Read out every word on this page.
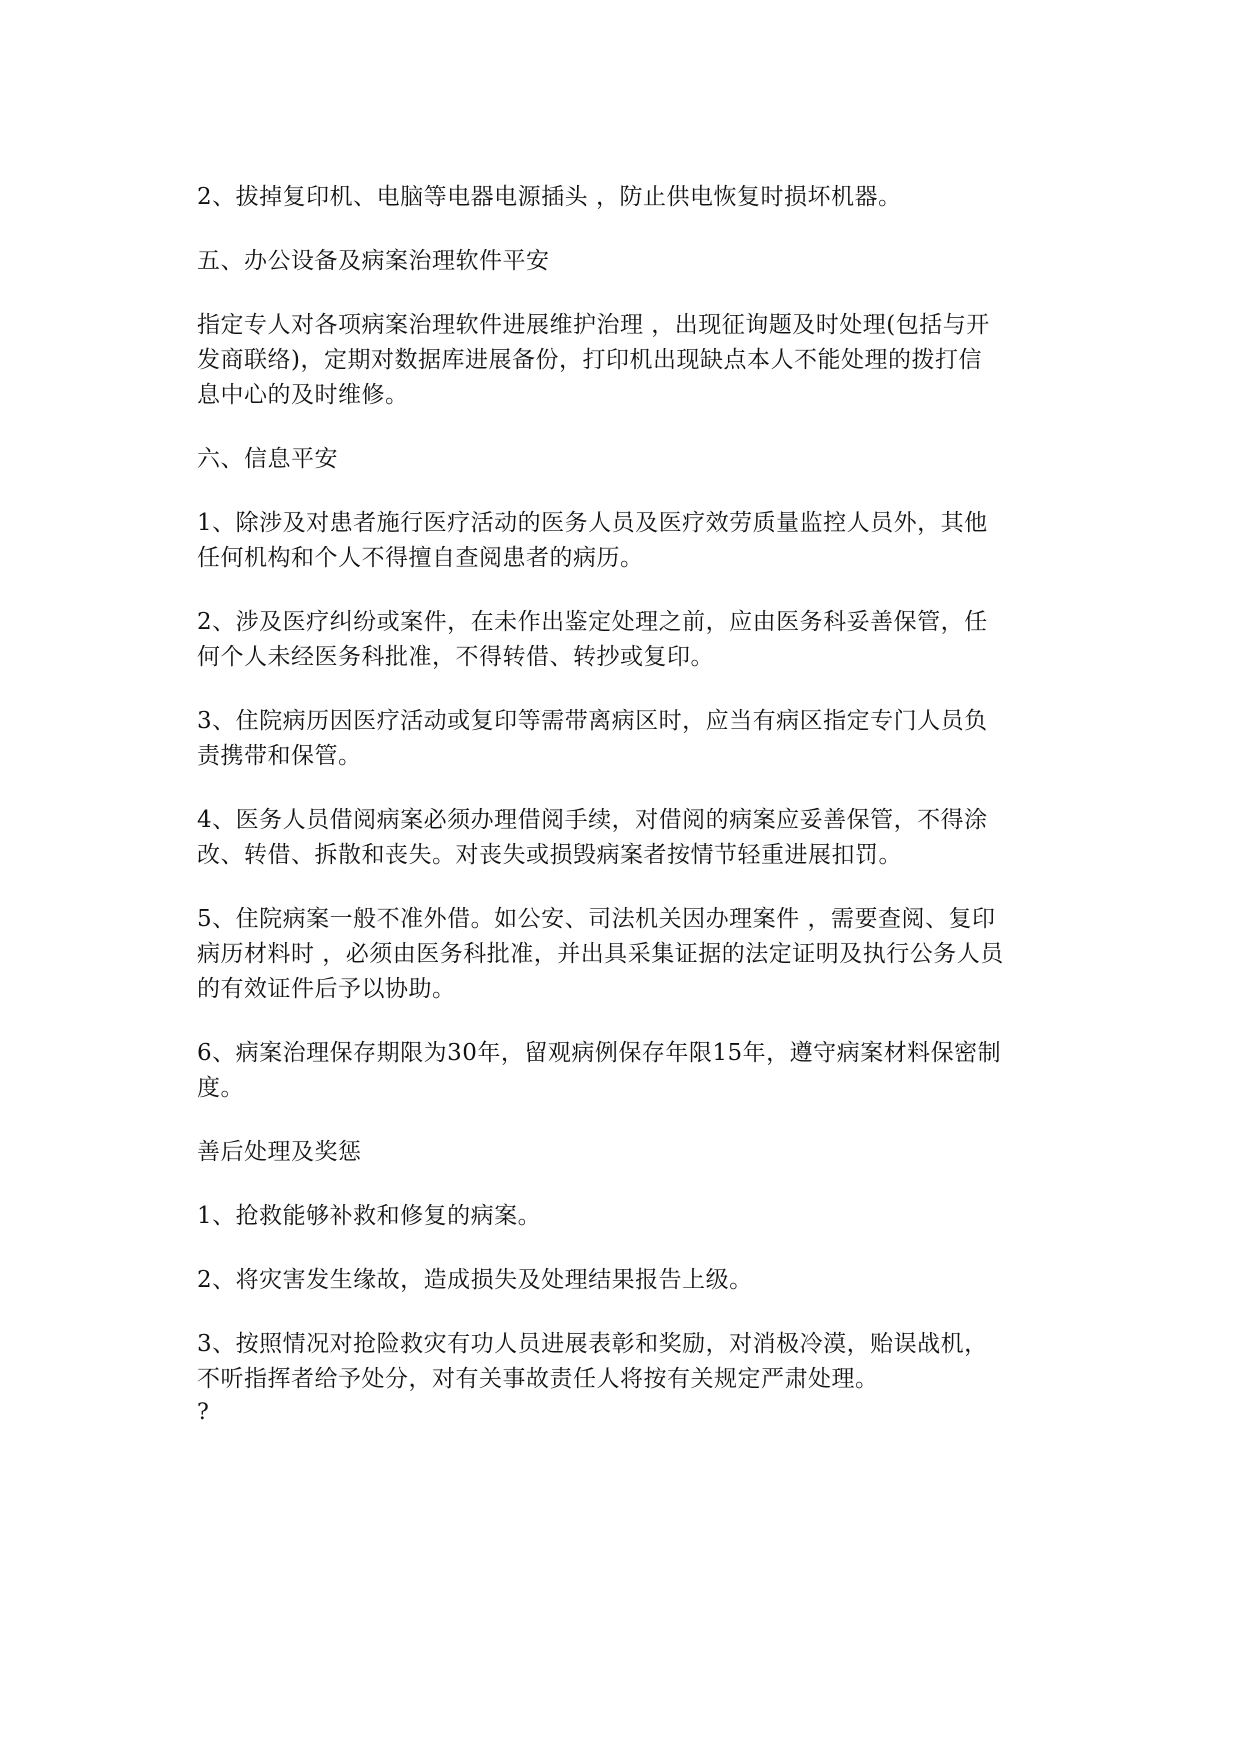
2、拔掉复印机、电脑等电器电源插头 ，防止供电恢复时损坏机器。

五、办公设备及病案治理软件平安

指定专人对各项病案治理软件进展维护治理 ，出现征询题及时处理(包括与开
发商联络)，定期对数据库进展备份，打印机出现缺点本人不能处理的拨打信
息中心的及时维修。

六、信息平安

1、除涉及对患者施行医疗活动的医务人员及医疗效劳质量监控人员外，其他
任何机构和个人不得擅自查阅患者的病历。

2、涉及医疗纠纷或案件，在未作出鉴定处理之前，应由医务科妥善保管，任
何个人未经医务科批准，不得转借、转抄或复印。

3、住院病历因医疗活动或复印等需带离病区时，应当有病区指定专门人员负
责携带和保管。

4、医务人员借阅病案必须办理借阅手续，对借阅的病案应妥善保管，不得涂
改、转借、拆散和丧失。对丧失或损毁病案者按情节轻重进展扣罚。

5、住院病案一般不准外借。如公安、司法机关因办理案件 ，需要查阅、复印
病历材料时 ，必须由医务科批准，并出具采集证据的法定证明及执行公务人员
的有效证件后予以协助。

6、病案治理保存期限为30年，留观病例保存年限15年，遵守病案材料保密制
度。

善后处理及奖惩

1、抢救能够补救和修复的病案。

2、将灾害发生缘故，造成损失及处理结果报告上级。

3、按照情况对抢险救灾有功人员进展表彰和奖励，对消极冷漠，贻误战机，
不听指挥者给予处分，对有关事故责任人将按有关规定严肃处理。

?
